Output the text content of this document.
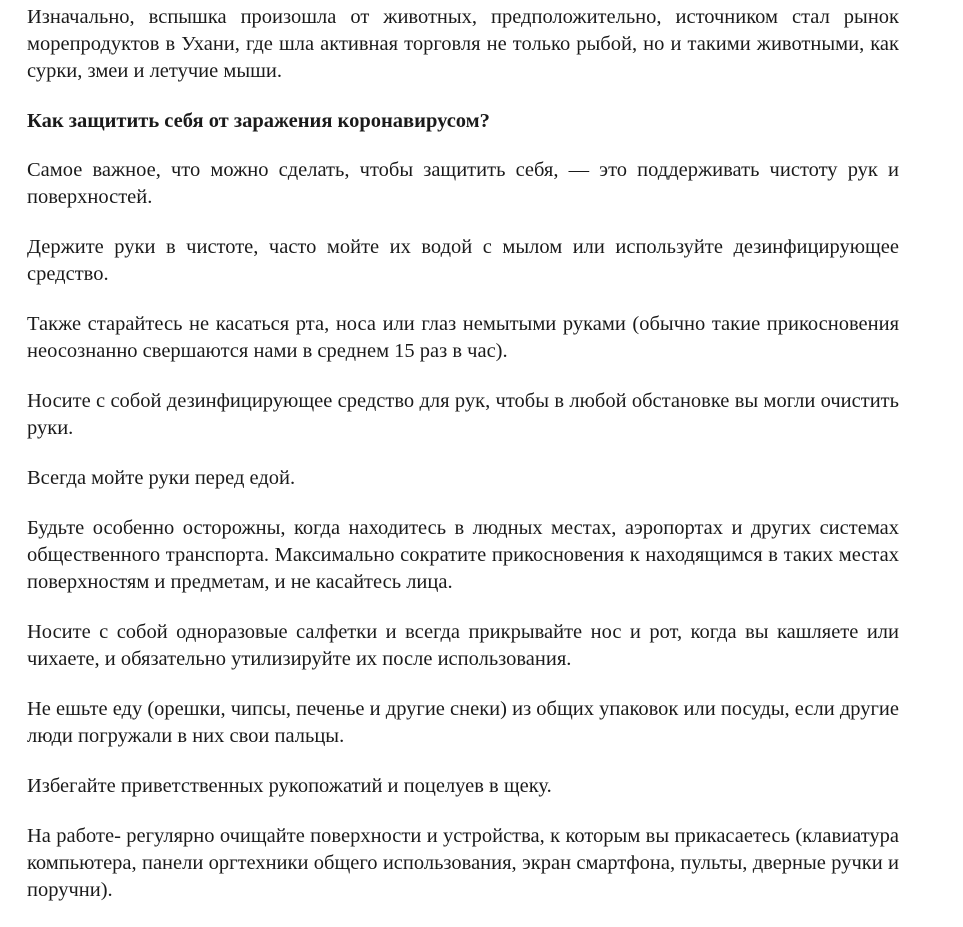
Изначально, вспышка произошла от животных, предположительно, источником стал рынок морепродуктов в Ухани, где шла активная торговля не только рыбой, но и такими животными, как сурки, змеи и летучие мыши.

Как защитить себя от заражения коронавирусом?

Самое важное, что можно сделать, чтобы защитить себя, — это поддерживать чистоту рук и поверхностей.

Держите руки в чистоте, часто мойте их водой с мылом или используйте дезинфицирующее средство.

Также старайтесь не касаться рта, носа или глаз немытыми руками (обычно такие прикосновения неосознанно свершаются нами в среднем 15 раз в час).

Носите с собой дезинфицирующее средство для рук, чтобы в любой обстановке вы могли очистить руки.

Всегда мойте руки перед едой.

Будьте особенно осторожны, когда находитесь в людных местах, аэропортах и других системах общественного транспорта. Максимально сократите прикосновения к находящимся в таких местах поверхностям и предметам, и не касайтесь лица.

Носите с собой одноразовые салфетки и всегда прикрывайте нос и рот, когда вы кашляете или чихаете, и обязательно утилизируйте их после использования.

Не ешьте еду (орешки, чипсы, печенье и другие снеки) из общих упаковок или посуды, если другие люди погружали в них свои пальцы.

Избегайте приветственных рукопожатий и поцелуев в щеку.

На работе- регулярно очищайте поверхности и устройства, к которым вы прикасаетесь (клавиатура компьютера, панели оргтехники общего использования, экран смартфона, пульты, дверные ручки и поручни).
